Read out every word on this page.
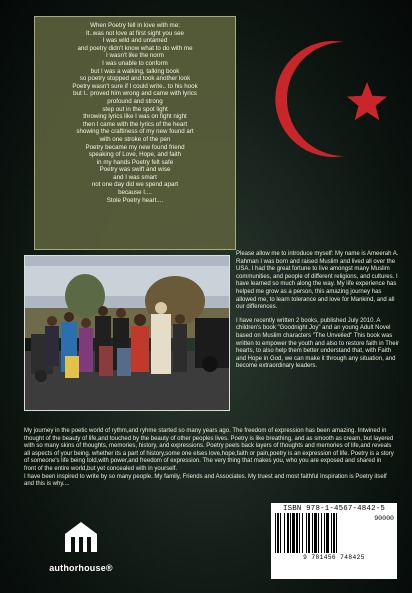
When Poetry fell in love with me:
It..was not love at first sight you see
I was wild and untamed
and poetry didn't know what to do with me
I wasn't like the norm
I was unable to conform
but I was a walking, talking book
so poetry stopped and took another look
Poetry wasn't sure if I could write.. to his hook
but I.. proved him wrong and came with lyrics
profound and strong
step out in the spot light
throwing lyrics like I was on fight night
then I came with the lyrics of the heart
showing the craftiness of my new found art
with one stroke of the pen
Poetry became my new found friend
speaking of Love, Hope, and faith
in my hands Poetry felt safe
Poetry was swift and wise
and I was smart
not one day did we spend apart
because I....
Stole Poetry heart....

Please allow me to introduce myself: My name is Ameerah A. Rahman I was born and raised Muslim and lived all over the USA. I had the great fortune to live amongst many Muslim communities, and people of different religions, and cultures. I have learned so much along the way. My life experience has helped me grow as a person, this amazing journey has allowed me, to learn tolerance and love for Mankind, and all our differences.

I have recently written 2 books, published July 2010. A children's book "Goodnight Joy" and an young Adult Novel based on Muslim characters "The Unveiled" This book was written to empower the youth and also to restore faith in Their hearts, to also help them better understand that, with Faith and Hope in God, we can make it through any situation, and become extraordinary leaders.

My journey in the poetic world of rythm,and ryhme started so many years ago. The freedom of expression has been amazing. Intwined in thought of the beauty of life,and touched by the beauty of other peoples lives. Poetry is like breathing, and as smooth as cream, but layered with so many skins of thoughts, memories, history, and expressions. Poetry peels back layers of thoughts and memories of life,and reveals all aspects of your being. whether its a part of history,some one elses love,hope,faith or pain,poetry is an expression of life. Poetry is a story of someone's life being told,with power,and freedom of expression. The very thing that makes you, who you are exposed and shared in front of the entire world,but yet concealed with in yourself.

I have been inspired to write by so many people. My family, Friends and Associates. My truest and most faithful Inspiration is Poetry itself and this is why....

authorhouse®
ISBN 978-1-4567-4842-5
90000
9 781456 748425
